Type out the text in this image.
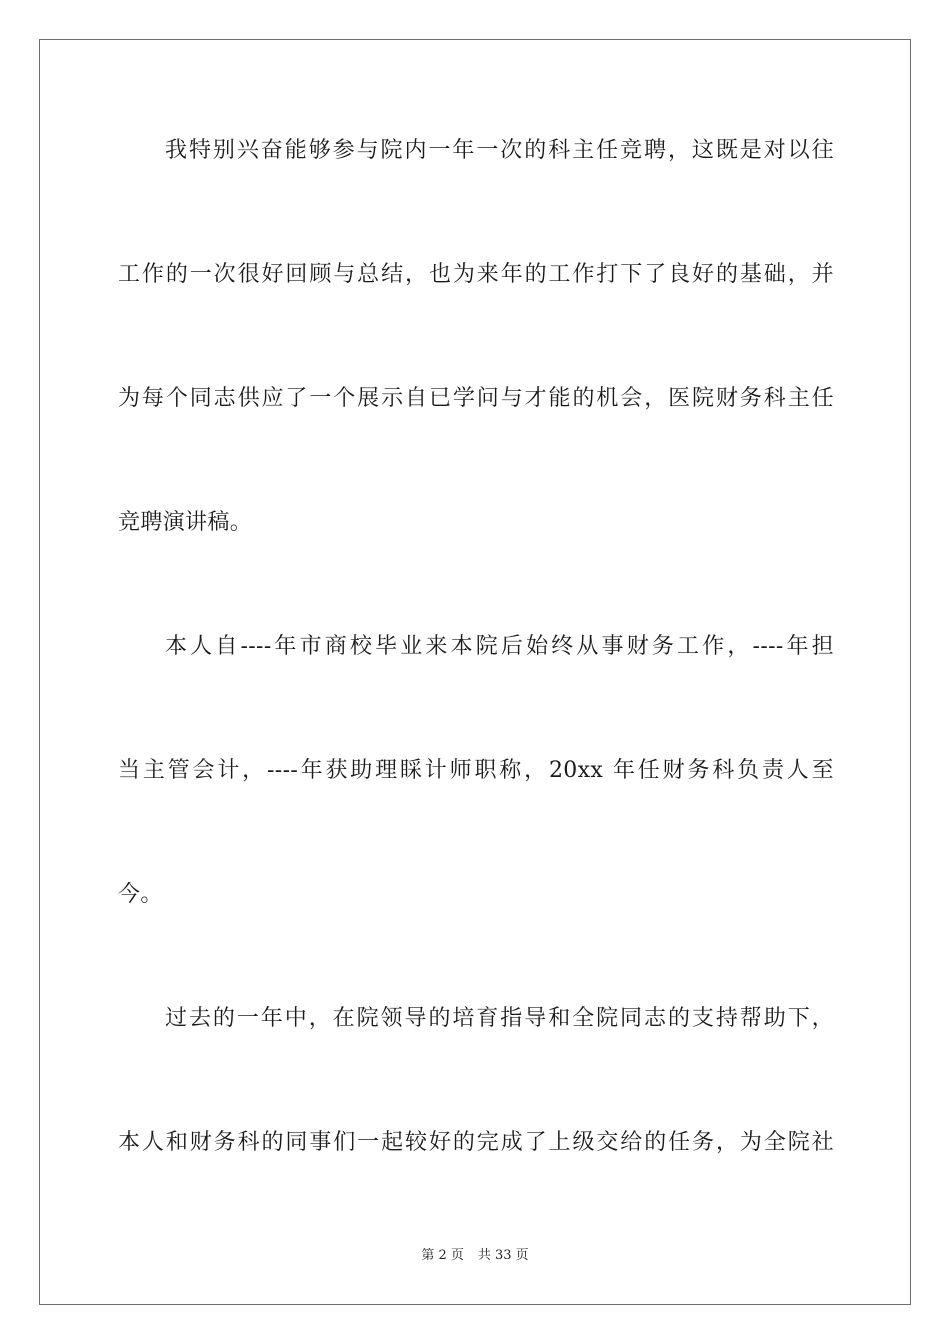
我特别兴奋能够参与院内一年一次的科主任竞聘，这既是对以往
工作的一次很好回顾与总结，也为来年的工作打下了良好的基础，并
为每个同志供应了一个展示自已学问与才能的机会，医院财务科主任
竞聘演讲稿。
本人自----年市商校毕业来本院后始终从事财务工作，----年担
当主管会计，----年获助理睬计师职称，20xx 年任财务科负责人至
今。
过去的一年中，在院领导的培育指导和全院同志的支持帮助下，
本人和财务科的同事们一起较好的完成了上级交给的任务，为全院社
第 2 页 共 33 页
